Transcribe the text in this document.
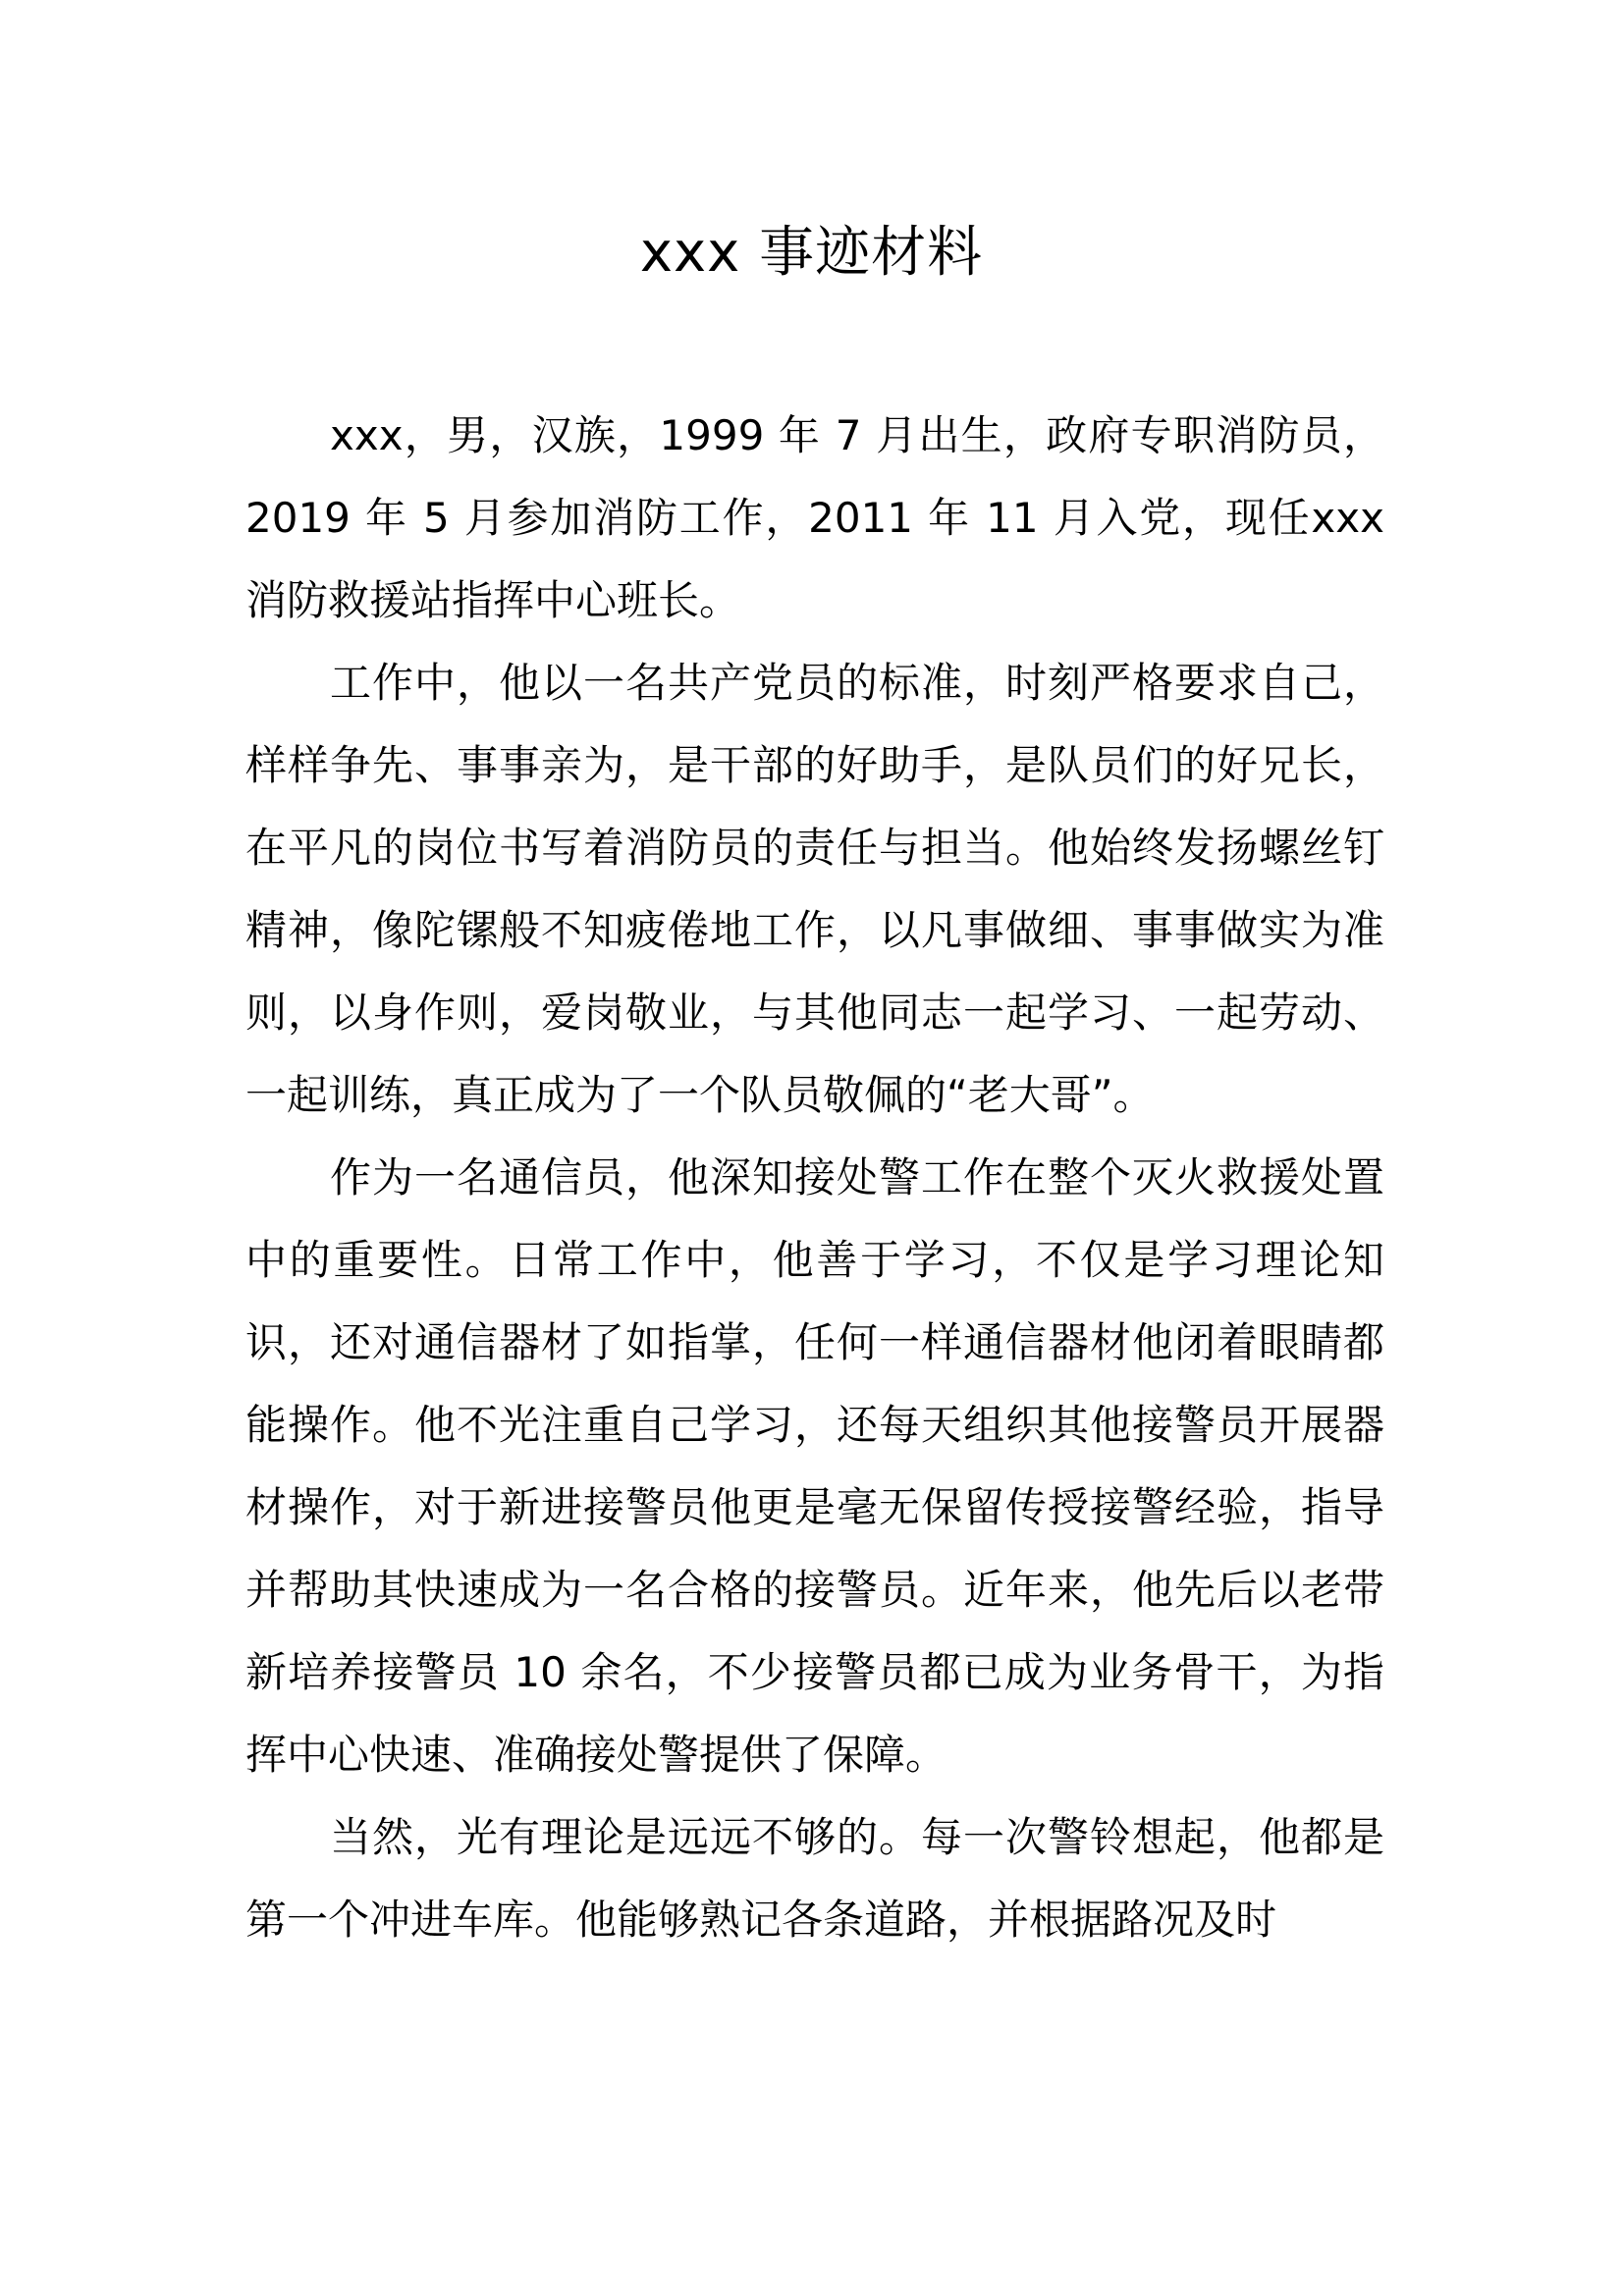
xxx 事迹材料

xxx，男，汉族，1999 年 7 月出生，政府专职消防员，2019 年 5 月参加消防工作，2011 年 11 月入党，现任xxx 消防救援站指挥中心班长。

工作中，他以一名共产党员的标准，时刻严格要求自己，样样争先、事事亲为，是干部的好助手，是队员们的好兄长，在平凡的岗位书写着消防员的责任与担当。他始终发扬螺丝钉精神，像陀镙般不知疲倦地工作，以凡事做细、事事做实为准则，以身作则，爱岗敬业，与其他同志一起学习、一起劳动、一起训练，真正成为了一个队员敬佩的“老大哥”。

作为一名通信员，他深知接处警工作在整个灭火救援处置中的重要性。日常工作中，他善于学习，不仅是学习理论知识，还对通信器材了如指掌，任何一样通信器材他闭着眼睛都能操作。他不光注重自己学习，还每天组织其他接警员开展器材操作，对于新进接警员他更是毫无保留传授接警经验，指导并帮助其快速成为一名合格的接警员。近年来，他先后以老带新培养接警员 10 余名，不少接警员都已成为业务骨干，为指挥中心快速、准确接处警提供了保障。

当然，光有理论是远远不够的。每一次警铃想起，他都是第一个冲进车库。他能够熟记各条道路，并根据路况及时
